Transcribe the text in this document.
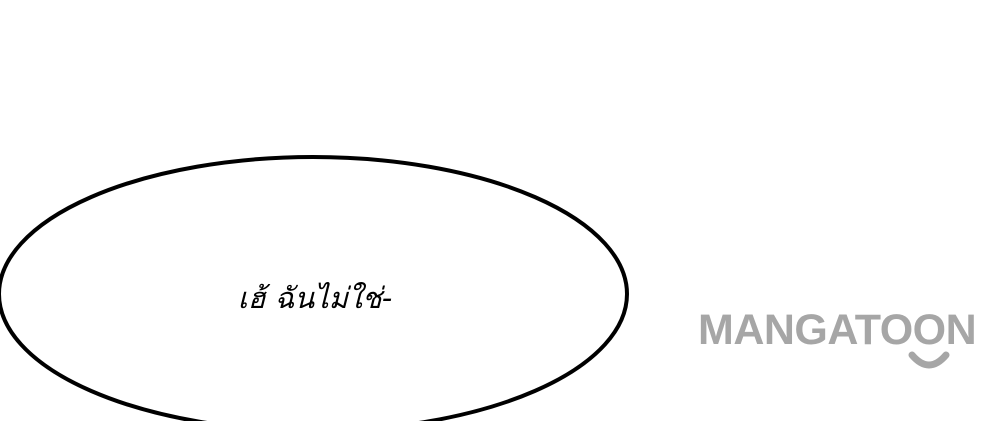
เฮ้ ฉันไม่ใช่-
MANGATOON
